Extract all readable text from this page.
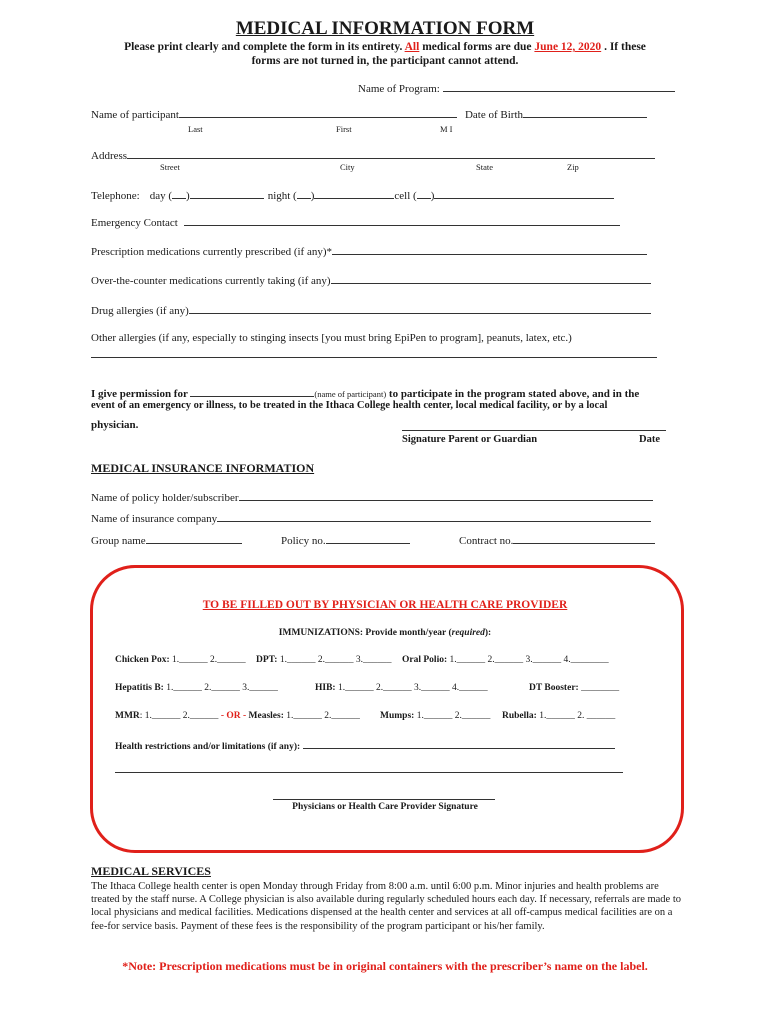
MEDICAL INFORMATION FORM
Please print clearly and complete the form in its entirety. All medical forms are due June 12, 2020 . If these
forms are not turned in, the participant cannot attend.
Name of Program:
Name of participant	Date of Birth
Last	First	M I
Address
Street	City	State	Zip
Telephone: day ( )	night ( )	cell ( )
Emergency Contact
Prescription medications currently prescribed (if any)*
Over-the-counter medications currently taking (if any)
Drug allergies (if any)
Other allergies (if any, especially to stinging insects [you must bring EpiPen to program], peanuts, latex, etc.)
I give permission for	(name of participant) to participate in the program stated above, and in the
event of an emergency or illness, to be treated in the Ithaca College health center, local medical facility, or by a local
physician.
Signature Parent or Guardian	Date
MEDICAL INSURANCE INFORMATION
Name of policy holder/subscriber
Name of insurance company
Group name	Policy no.	Contract no.
TO BE FILLED OUT BY PHYSICIAN OR HEALTH CARE PROVIDER
IMMUNIZATIONS: Provide month/year (required):
Chicken Pox: 1.______ 2.______ DPT: 1.______ 2.______ 3.______ Oral Polio: 1.______ 2.______ 3.______ 4.________
Hepatitis B: 1.______ 2.______ 3.______	HIB: 1.______ 2.______ 3.______ 4.______	DT Booster: ________
MMR: 1.______ 2.______ - OR - Measles: 1.______ 2.______ Mumps: 1.______ 2.______ Rubella: 1.______ 2. ______
Health restrictions and/or limitations (if any):
Physicians or Health Care Provider Signature
MEDICAL SERVICES
The Ithaca College health center is open Monday through Friday from 8:00 a.m. until 6:00 p.m. Minor injuries and health problems are treated by the staff nurse. A College physician is also available during regularly scheduled hours each day. If necessary, referrals are made to local physicians and medical facilities. Medications dispensed at the health center and services at all off-campus medical facilities are on a fee-for service basis. Payment of these fees is the responsibility of the program participant or his/her family.
*Note: Prescription medications must be in original containers with the prescriber’s name on the label.
